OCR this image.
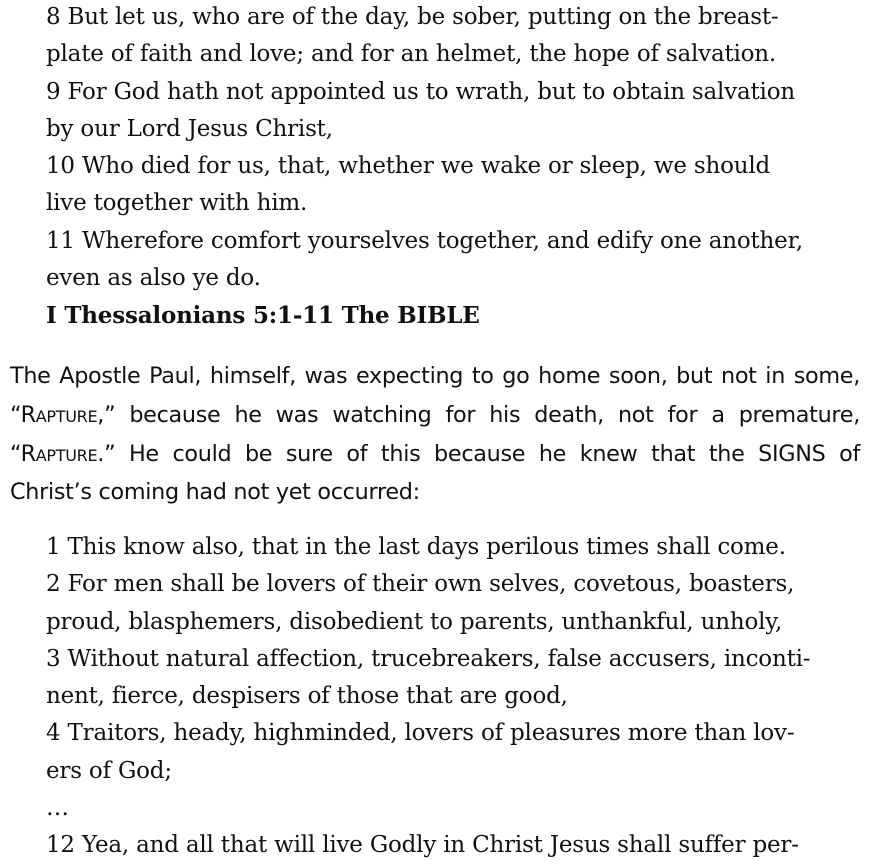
8 But let us, who are of the day, be sober, putting on the breast-
plate of faith and love; and for an helmet, the hope of salvation.
9 For God hath not appointed us to wrath, but to obtain salvation
by our Lord Jesus Christ,
10 Who died for us, that, whether we wake or sleep, we should
live together with him.
11 Wherefore comfort yourselves together, and edify one another,
even as also ye do.
I Thessalonians 5:1-11 The BIBLE
The Apostle Paul, himself, was expecting to go home soon, but not in some,
“Rapture,” because he was watching for his death, not for a premature,
“Rapture.” He could be sure of this because he knew that the SIGNS of
Christ’s coming had not yet occurred:
1 This know also, that in the last days perilous times shall come.
2 For men shall be lovers of their own selves, covetous, boasters,
proud, blasphemers, disobedient to parents, unthankful, unholy,
3 Without natural affection, trucebreakers, false accusers, inconti-
nent, fierce, despisers of those that are good,
4 Traitors, heady, highminded, lovers of pleasures more than lov-
ers of God;
…
12 Yea, and all that will live Godly in Christ Jesus shall suffer per-
